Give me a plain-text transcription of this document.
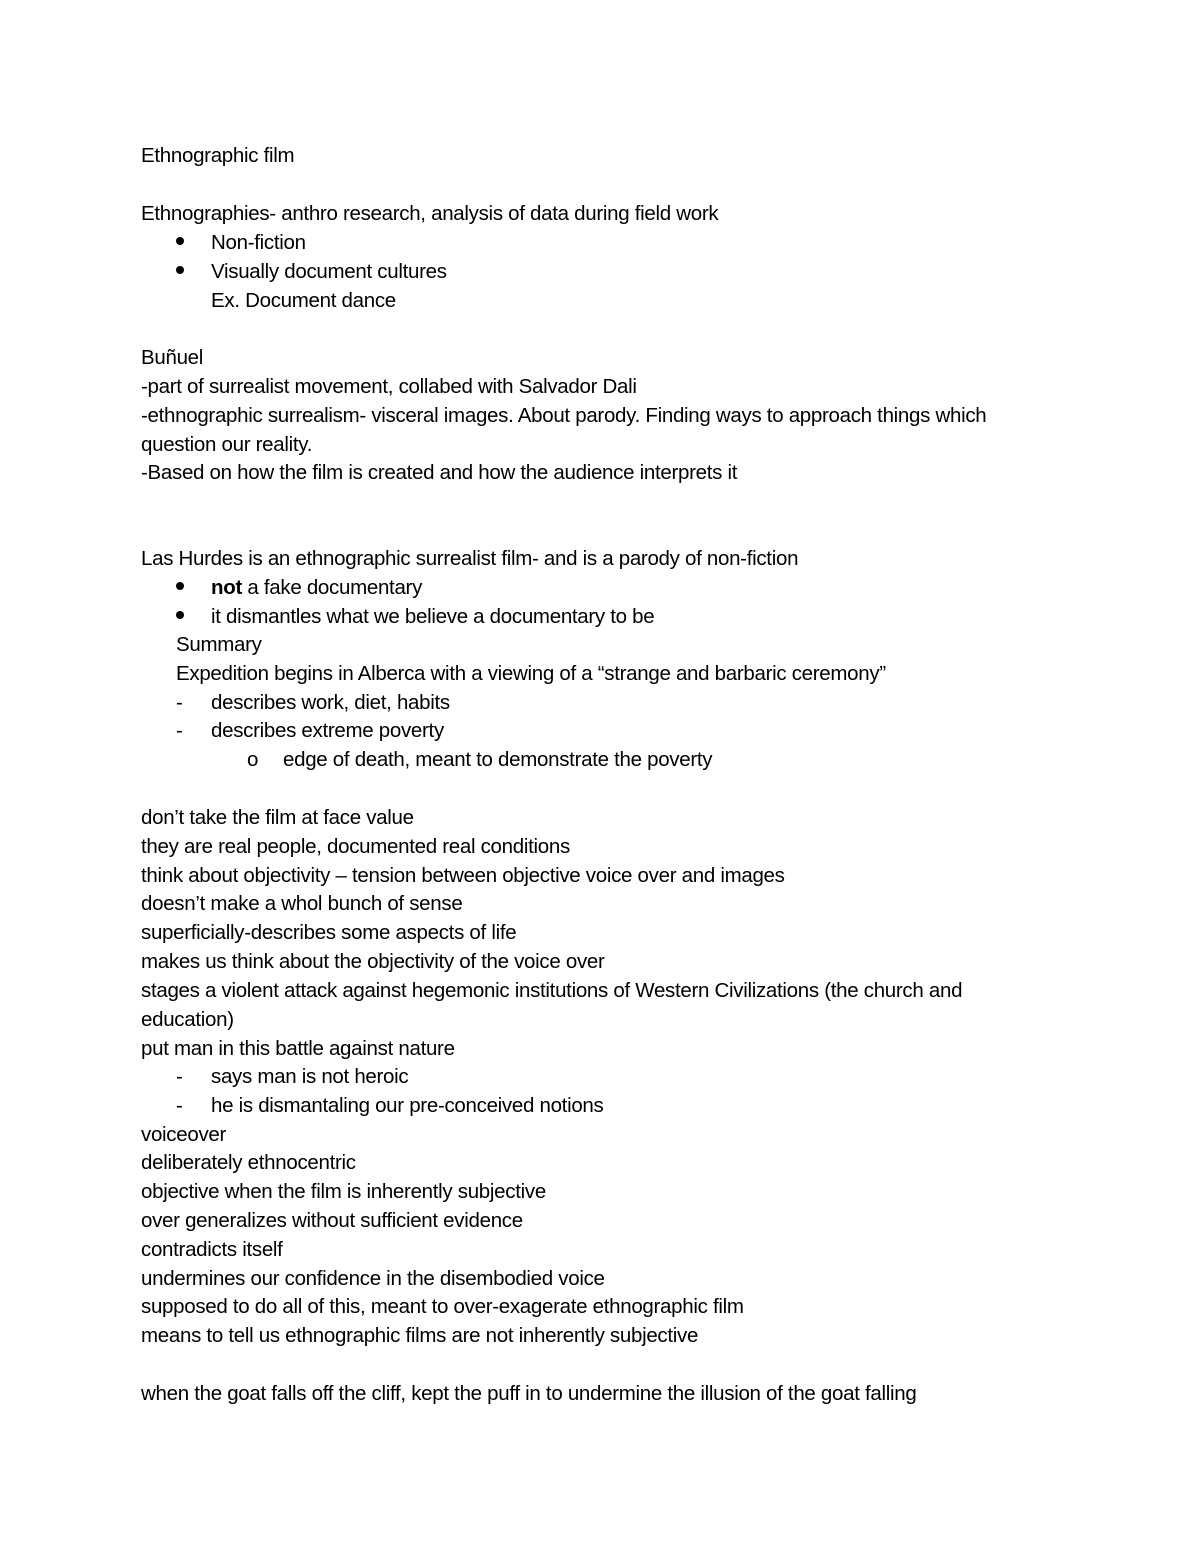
Ethnographic film
Ethnographies- anthro research, analysis of data during field work
Non-fiction
Visually document cultures
Ex. Document dance
Buñuel
-part of surrealist movement, collabed with Salvador Dali
-ethnographic surrealism- visceral images. About parody. Finding ways to approach things which
question our reality.
-Based on how the film is created and how the audience interprets it
Las Hurdes is an ethnographic surrealist film- and is a parody of non-fiction
not a fake documentary
it dismantles what we believe a documentary to be
Summary
Expedition begins in Alberca with a viewing of a “strange and barbaric ceremony”
- describes work, diet, habits
- describes extreme poverty
o edge of death, meant to demonstrate the poverty
don’t take the film at face value
they are real people, documented real conditions
think about objectivity – tension between objective voice over and images
doesn’t make a whol bunch of sense
superficially-describes some aspects of life
makes us think about the objectivity of the voice over
stages a violent attack against hegemonic institutions of Western Civilizations (the church and
education)
put man in this battle against nature
- says man is not heroic
- he is dismantaling our pre-conceived notions
voiceover
deliberately ethnocentric
objective when the film is inherently subjective
over generalizes without sufficient evidence
contradicts itself
undermines our confidence in the disembodied voice
supposed to do all of this, meant to over-exagerate ethnographic film
means to tell us ethnographic films are not inherently subjective
when the goat falls off the cliff, kept the puff in to undermine the illusion of the goat falling
